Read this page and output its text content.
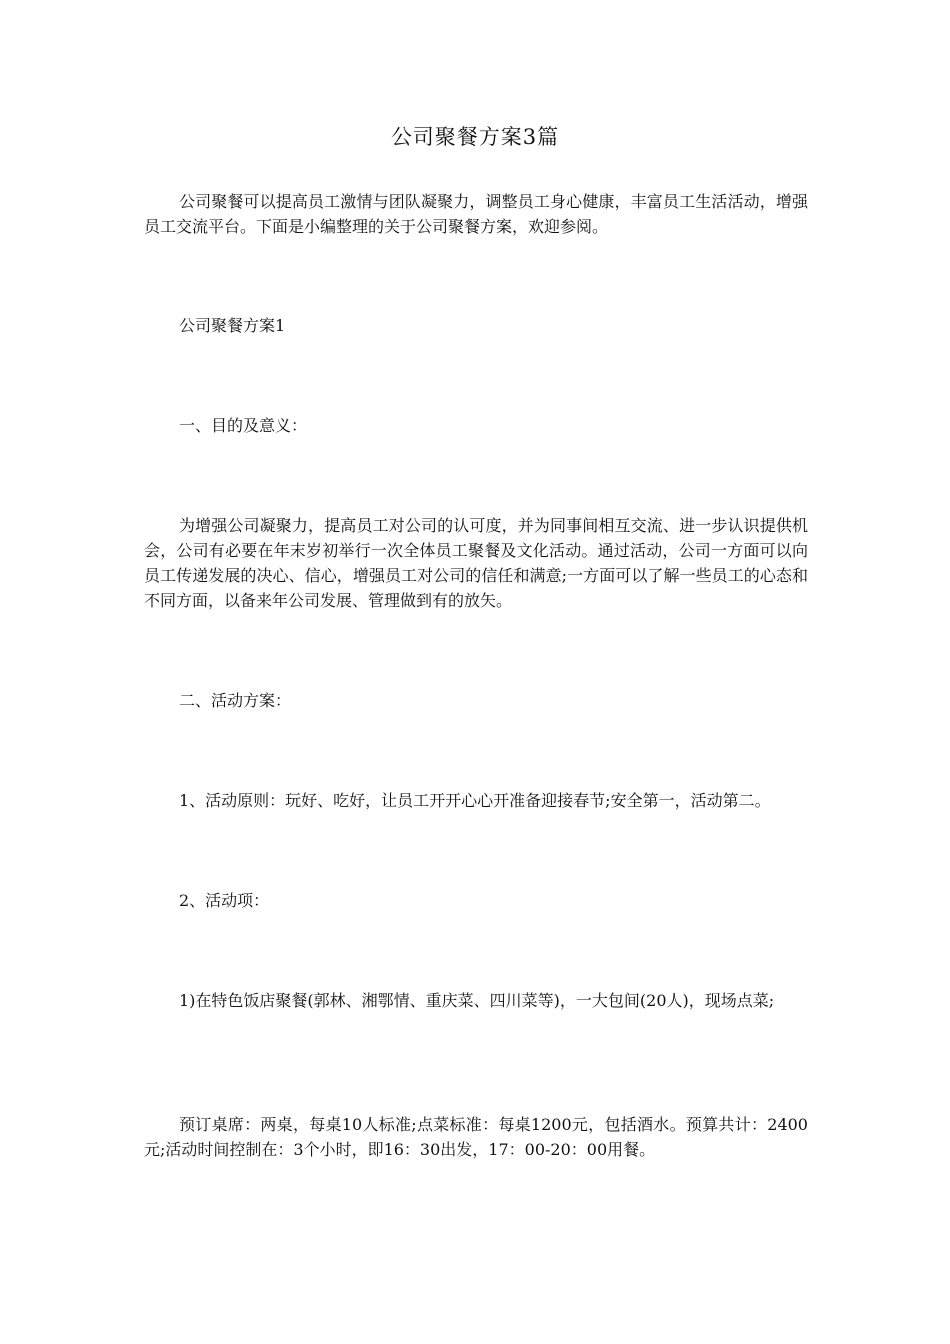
公司聚餐方案3篇

公司聚餐可以提高员工激情与团队凝聚力，调整员工身心健康，丰富员工生活活动，增强员工交流平台。下面是小编整理的关于公司聚餐方案，欢迎参阅。

公司聚餐方案1

一、目的及意义：

为增强公司凝聚力，提高员工对公司的认可度，并为同事间相互交流、进一步认识提供机会，公司有必要在年末岁初举行一次全体员工聚餐及文化活动。通过活动，公司一方面可以向员工传递发展的决心、信心，增强员工对公司的信任和满意;一方面可以了解一些员工的心态和不同方面，以备来年公司发展、管理做到有的放矢。

二、活动方案：

1、活动原则：玩好、吃好，让员工开开心心开准备迎接春节;安全第一，活动第二。

2、活动项：

1)在特色饭店聚餐(郭林、湘鄂情、重庆菜、四川菜等)，一大包间(20人)，现场点菜;

预订桌席：两桌，每桌10人标准;点菜标准：每桌1200元，包括酒水。预算共计：2400元;活动时间控制在：3个小时，即16：30出发，17：00-20：00用餐。
